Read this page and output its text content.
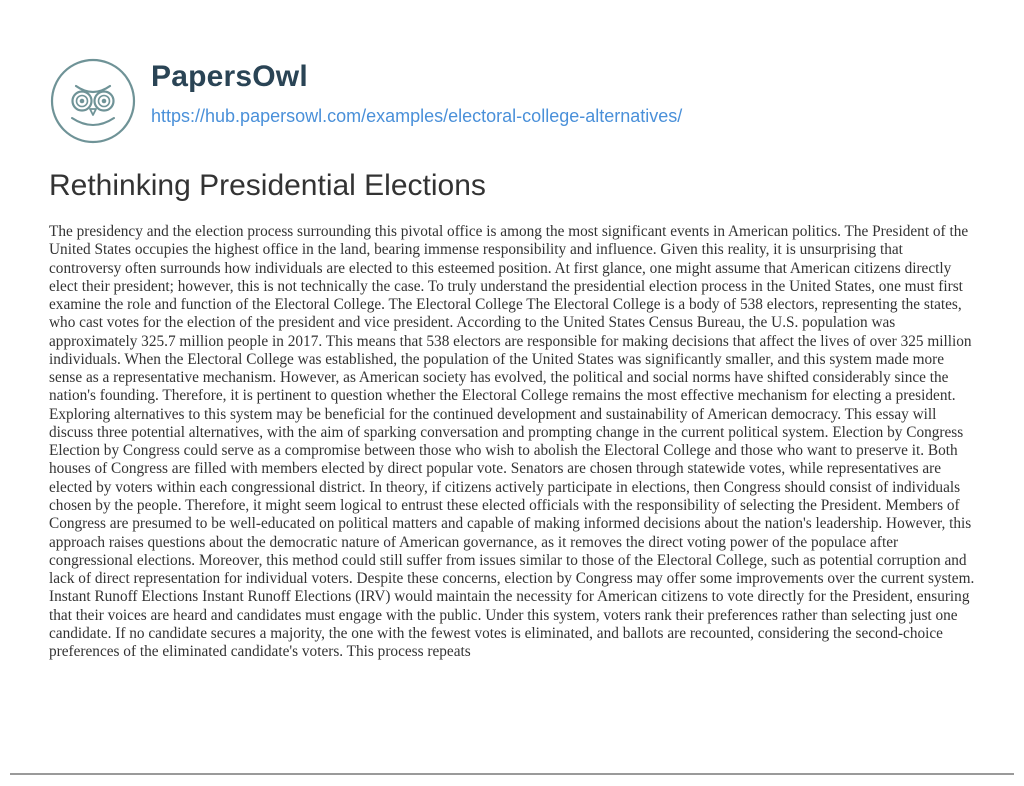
PapersOwl
https://hub.papersowl.com/examples/electoral-college-alternatives/
Rethinking Presidential Elections

The presidency and the election process surrounding this pivotal office is among the most significant events in American politics. The President of the United States occupies the highest office in the land, bearing immense responsibility and influence. Given this reality, it is unsurprising that controversy often surrounds how individuals are elected to this esteemed position. At first glance, one might assume that American citizens directly elect their president; however, this is not technically the case. To truly understand the presidential election process in the United States, one must first examine the role and function of the Electoral College. The Electoral College The Electoral College is a body of 538 electors, representing the states, who cast votes for the election of the president and vice president. According to the United States Census Bureau, the U.S. population was approximately 325.7 million people in 2017. This means that 538 electors are responsible for making decisions that affect the lives of over 325 million individuals. When the Electoral College was established, the population of the United States was significantly smaller, and this system made more sense as a representative mechanism. However, as American society has evolved, the political and social norms have shifted considerably since the nation's founding. Therefore, it is pertinent to question whether the Electoral College remains the most effective mechanism for electing a president. Exploring alternatives to this system may be beneficial for the continued development and sustainability of American democracy. This essay will discuss three potential alternatives, with the aim of sparking conversation and prompting change in the current political system. Election by Congress Election by Congress could serve as a compromise between those who wish to abolish the Electoral College and those who want to preserve it. Both houses of Congress are filled with members elected by direct popular vote. Senators are chosen through statewide votes, while representatives are elected by voters within each congressional district. In theory, if citizens actively participate in elections, then Congress should consist of individuals chosen by the people. Therefore, it might seem logical to entrust these elected officials with the responsibility of selecting the President. Members of Congress are presumed to be well-educated on political matters and capable of making informed decisions about the nation's leadership. However, this approach raises questions about the democratic nature of American governance, as it removes the direct voting power of the populace after congressional elections. Moreover, this method could still suffer from issues similar to those of the Electoral College, such as potential corruption and lack of direct representation for individual voters. Despite these concerns, election by Congress may offer some improvements over the current system. Instant Runoff Elections Instant Runoff Elections (IRV) would maintain the necessity for American citizens to vote directly for the President, ensuring that their voices are heard and candidates must engage with the public. Under this system, voters rank their preferences rather than selecting just one candidate. If no candidate secures a majority, the one with the fewest votes is eliminated, and ballots are recounted, considering the second-choice preferences of the eliminated candidate's voters. This process repeats
